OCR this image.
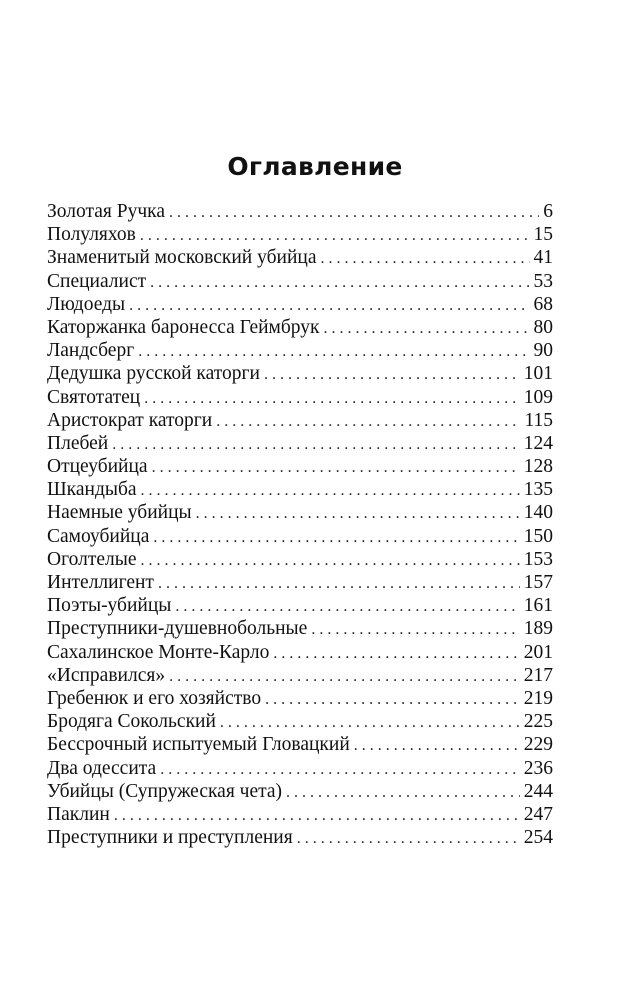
Оглавление
Золотая Ручка . . .	6
Полуляхов . . .	15
Знаменитый московский убийца . . .	41
Специалист . . .	53
Людоеды . . .	68
Каторжанка баронесса Геймбрук . . .	80
Ландсберг . . .	90
Дедушка русской каторги . . .	101
Святотатец . . .	109
Аристократ каторги . . .	115
Плебей . . .	124
Отцеубийца . . .	128
Шкандыба . . .	135
Наемные убийцы . . .	140
Самоубийца . . .	150
Оголтелые . . .	153
Интеллигент . . .	157
Поэты-убийцы . . .	161
Преступники-душевнобольные . . .	189
Сахалинское Монте-Карло . . .	201
«Исправился» . . .	217
Гребенюк и его хозяйство . . .	219
Бродяга Сокольский . . .	225
Бессрочный испытуемый Гловацкий . . .	229
Два одессита . . .	236
Убийцы (Супружеская чета) . . .	244
Паклин . . .	247
Преступники и преступления . . .	254
